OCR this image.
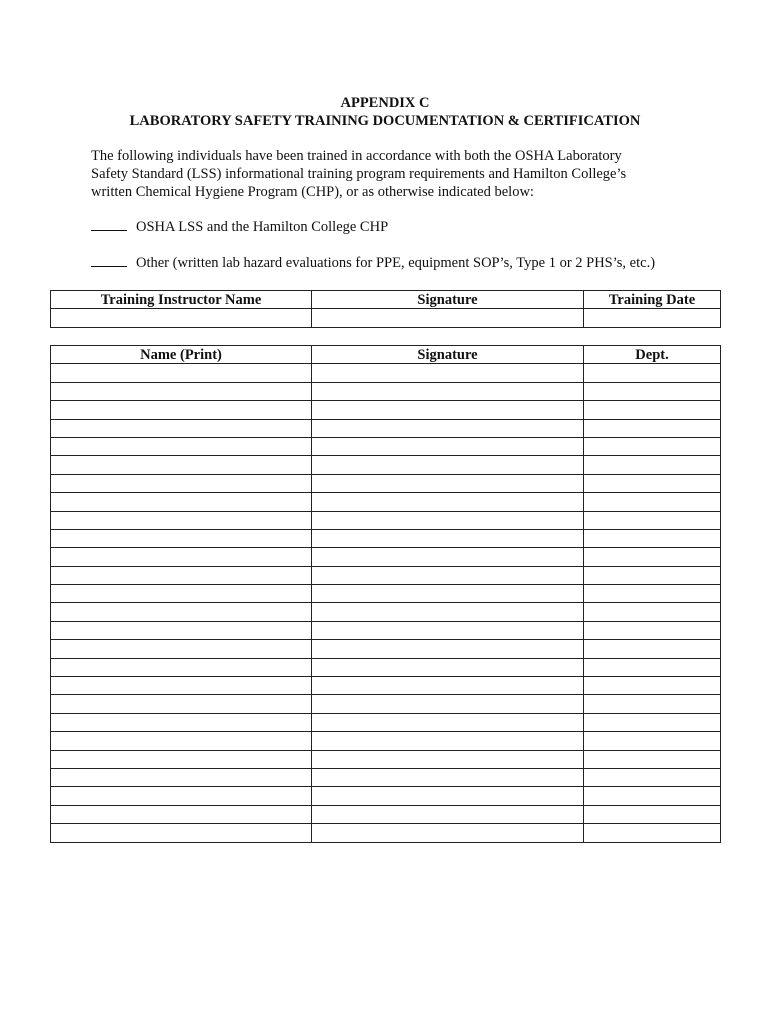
APPENDIX C
LABORATORY SAFETY TRAINING DOCUMENTATION & CERTIFICATION
The following individuals have been trained in accordance with both the OSHA Laboratory
Safety Standard (LSS) informational training program requirements and Hamilton College’s
written Chemical Hygiene Program (CHP), or as otherwise indicated below:
OSHA LSS and the Hamilton College CHP
Other (written lab hazard evaluations for PPE, equipment SOP’s, Type 1 or 2 PHS’s, etc.)
Training Instructor Name	Signature	Training Date

Name (Print)	Signature	Dept.
